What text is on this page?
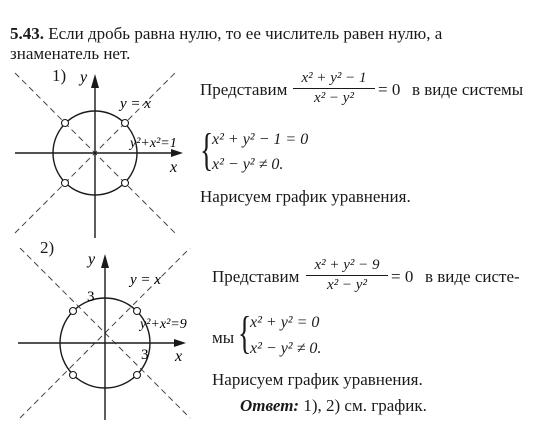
5.43. Если дробь равна нулю, то ее числитель равен нулю, а
знаменатель нет.
1) y
x
y = x
y²+x²=1
Представим
x² + y² − 1
x² − y²	= 0 в виде системы
{
x² + y² − 1 = 0
x² − y² ≠ 0.
Нарисуем график уравнения.
2)
y
x
y = x
y²+x²=9
3
3
Представим
x² + y² − 9
x² − y²	= 0 в виде систе-
мы {
x² + y² = 0
x² − y² ≠ 0.
Нарисуем график уравнения.
Ответ: 1), 2) см. график.
